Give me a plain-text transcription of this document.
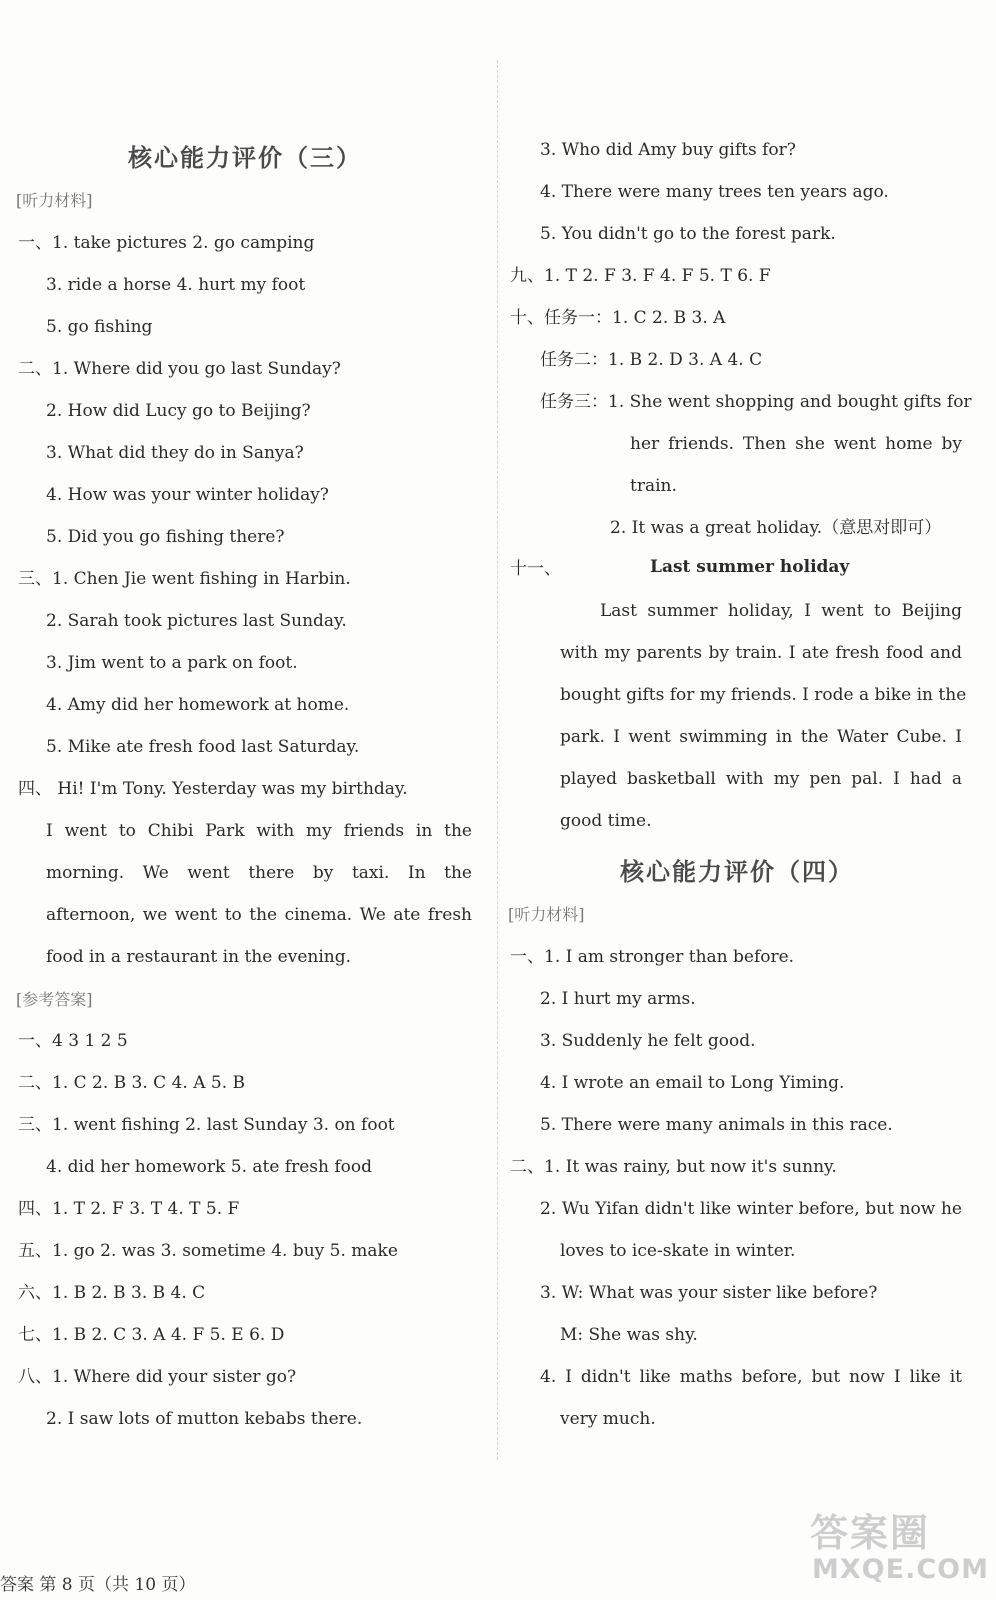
核心能力评价（三）
[听力材料]
一、1. take pictures 2. go camping
3. ride a horse 4. hurt my foot
5. go fishing
二、1. Where did you go last Sunday?
2. How did Lucy go to Beijing?
3. What did they do in Sanya?
4. How was your winter holiday?
5. Did you go fishing there?
三、1. Chen Jie went fishing in Harbin.
2. Sarah took pictures last Sunday.
3. Jim went to a park on foot.
4. Amy did her homework at home.
5. Mike ate fresh food last Saturday.
四、 Hi! I'm Tony. Yesterday was my birthday.
I went to Chibi Park with my friends in the
morning. We went there by taxi. In the
afternoon, we went to the cinema. We ate fresh
food in a restaurant in the evening.
[参考答案]
一、4 3 1 2 5
二、1. C 2. B 3. C 4. A 5. B
三、1. went fishing 2. last Sunday 3. on foot
4. did her homework 5. ate fresh food
四、1. T 2. F 3. T 4. T 5. F
五、1. go 2. was 3. sometime 4. buy 5. make
六、1. B 2. B 3. B 4. C
七、1. B 2. C 3. A 4. F 5. E 6. D
八、1. Where did your sister go?
2. I saw lots of mutton kebabs there.
3. Who did Amy buy gifts for?
4. There were many trees ten years ago.
5. You didn't go to the forest park.
九、1. T 2. F 3. F 4. F 5. T 6. F
十、任务一：1. C 2. B 3. A
任务二：1. B 2. D 3. A 4. C
任务三：1. She went shopping and bought gifts for
her friends. Then she went home by
train.
2. It was a great holiday.（意思对即可）
十一、	Last summer holiday
Last summer holiday, I went to Beijing
with my parents by train. I ate fresh food and
bought gifts for my friends. I rode a bike in the
park. I went swimming in the Water Cube. I
played basketball with my pen pal. I had a
good time.
核心能力评价（四）
[听力材料]
一、1. I am stronger than before.
2. I hurt my arms.
3. Suddenly he felt good.
4. I wrote an email to Long Yiming.
5. There were many animals in this race.
二、1. It was rainy, but now it's sunny.
2. Wu Yifan didn't like winter before, but now he
loves to ice-skate in winter.
3. W: What was your sister like before?
M: She was shy.
4. I didn't like maths before, but now I like it
very much.
答案 第 8 页（共 10 页）
答案圈
MXQE.COM
